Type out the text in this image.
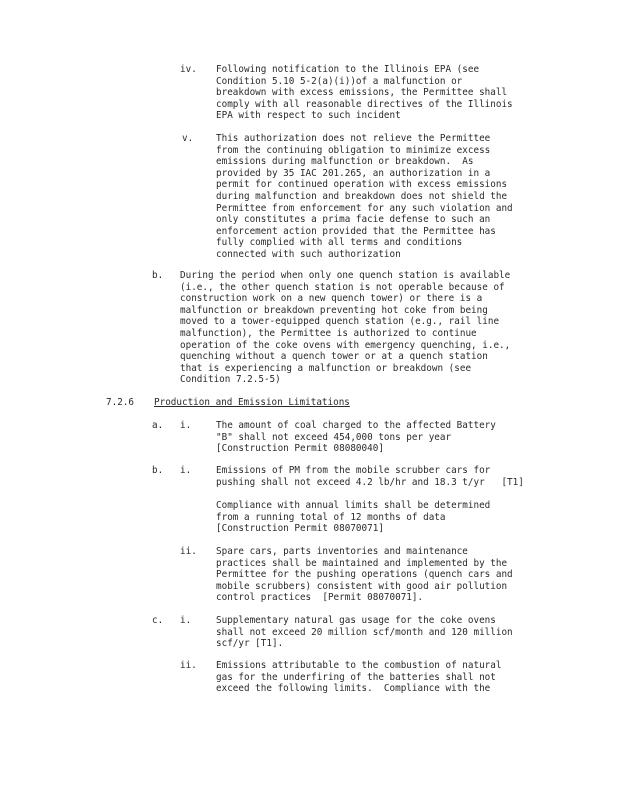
iv. Following notification to the Illinois EPA (see
Condition 5.10 5-2(a)(i))of a malfunction or
breakdown with excess emissions, the Permittee shall
comply with all reasonable directives of the Illinois
EPA with respect to such incident
v. This authorization does not relieve the Permittee
from the continuing obligation to minimize excess
emissions during malfunction or breakdown.  As
provided by 35 IAC 201.265, an authorization in a
permit for continued operation with excess emissions
during malfunction and breakdown does not shield the
Permittee from enforcement for any such violation and
only constitutes a prima facie defense to such an
enforcement action provided that the Permittee has
fully complied with all terms and conditions
connected with such authorization
b. During the period when only one quench station is available
(i.e., the other quench station is not operable because of
construction work on a new quench tower) or there is a
malfunction or breakdown preventing hot coke from being
moved to a tower-equipped quench station (e.g., rail line
malfunction), the Permittee is authorized to continue
operation of the coke ovens with emergency quenching, i.e.,
quenching without a quench tower or at a quench station
that is experiencing a malfunction or breakdown (see
Condition 7.2.5-5)
7.2.6 Production and Emission Limitations
a. i.	The amount of coal charged to the affected Battery
"B" shall not exceed 454,000 tons per year
[Construction Permit 08080040]
b. i.	Emissions of PM from the mobile scrubber cars for
pushing shall not exceed 4.2 lb/hr and 18.3 t/yr   [T1]
Compliance with annual limits shall be determined
from a running total of 12 months of data
[Construction Permit 08070071]
ii. Spare cars, parts inventories and maintenance
practices shall be maintained and implemented by the
Permittee for the pushing operations (quench cars and
mobile scrubbers) consistent with good air pollution
control practices  [Permit 08070071].
c. i.	Supplementary natural gas usage for the coke ovens
shall not exceed 20 million scf/month and 120 million
scf/yr [T1].
ii. Emissions attributable to the combustion of natural
gas for the underfiring of the batteries shall not
exceed the following limits.  Compliance with the
